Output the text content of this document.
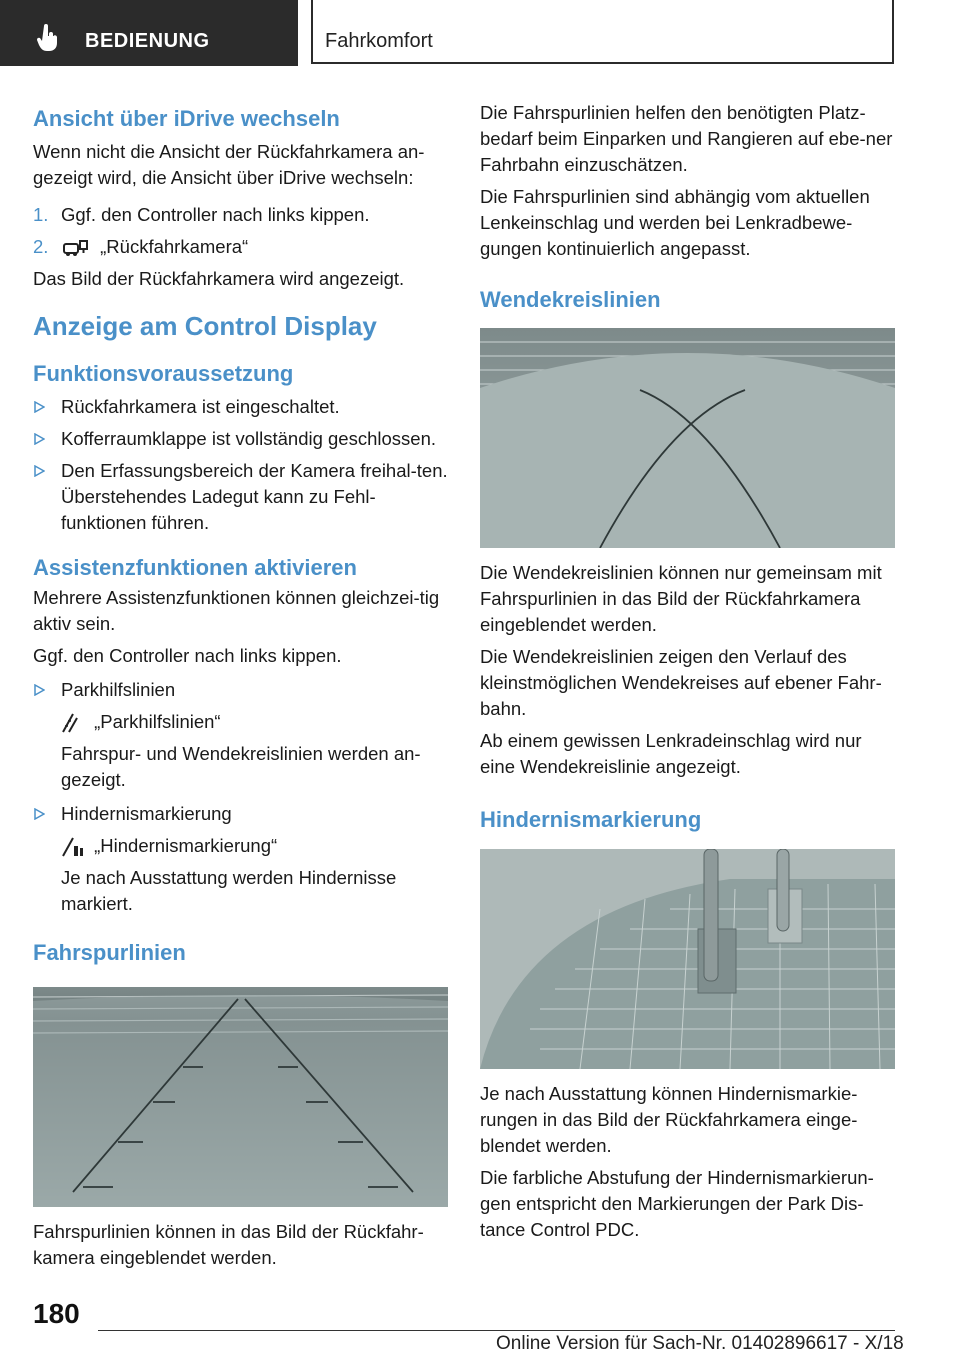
BEDIENUNG	Fahrkomfort
Ansicht über iDrive wechseln

Wenn nicht die Ansicht der Rückfahrkamera an-gezeigt wird, die Ansicht über iDrive wechseln:

1. Ggf. den Controller nach links kippen.
2.	„Rückfahrkamera“

Das Bild der Rückfahrkamera wird angezeigt.

Anzeige am Control Display
Funktionsvoraussetzung
Rückfahrkamera ist eingeschaltet.
Kofferraumklappe ist vollständig geschlossen.
Den Erfassungsbereich der Kamera freihal-ten. Überstehendes Ladegut kann zu Fehl-funktionen führen.
Assistenzfunktionen aktivieren

Mehrere Assistenzfunktionen können gleichzei-tig aktiv sein.

Ggf. den Controller nach links kippen.

Parkhilfslinien
„Parkhilfslinien“
Fahrspur- und Wendekreislinien werden an-gezeigt.
Hindernismarkierung
„Hindernismarkierung“
Je nach Ausstattung werden Hindernisse markiert.
Fahrspurlinien

Fahrspurlinien können in das Bild der Rückfahr-kamera eingeblendet werden.

Die Fahrspurlinien helfen den benötigten Platz-bedarf beim Einparken und Rangieren auf ebe-ner Fahrbahn einzuschätzen.

Die Fahrspurlinien sind abhängig vom aktuellen Lenkeinschlag und werden bei Lenkradbewe-gungen kontinuierlich angepasst.

Wendekreislinien

Die Wendekreislinien können nur gemeinsam mit Fahrspurlinien in das Bild der Rückfahrkamera eingeblendet werden.

Die Wendekreislinien zeigen den Verlauf des kleinstmöglichen Wendekreises auf ebener Fahr-bahn.

Ab einem gewissen Lenkradeinschlag wird nur eine Wendekreislinie angezeigt.

Hindernismarkierung

Je nach Ausstattung können Hindernismarkie-rungen in das Bild der Rückfahrkamera einge-blendet werden.

Die farbliche Abstufung der Hindernismarkierun-gen entspricht den Markierungen der Park Dis-tance Control PDC.

180
Online Version für Sach-Nr. 01402896617 - X/18
